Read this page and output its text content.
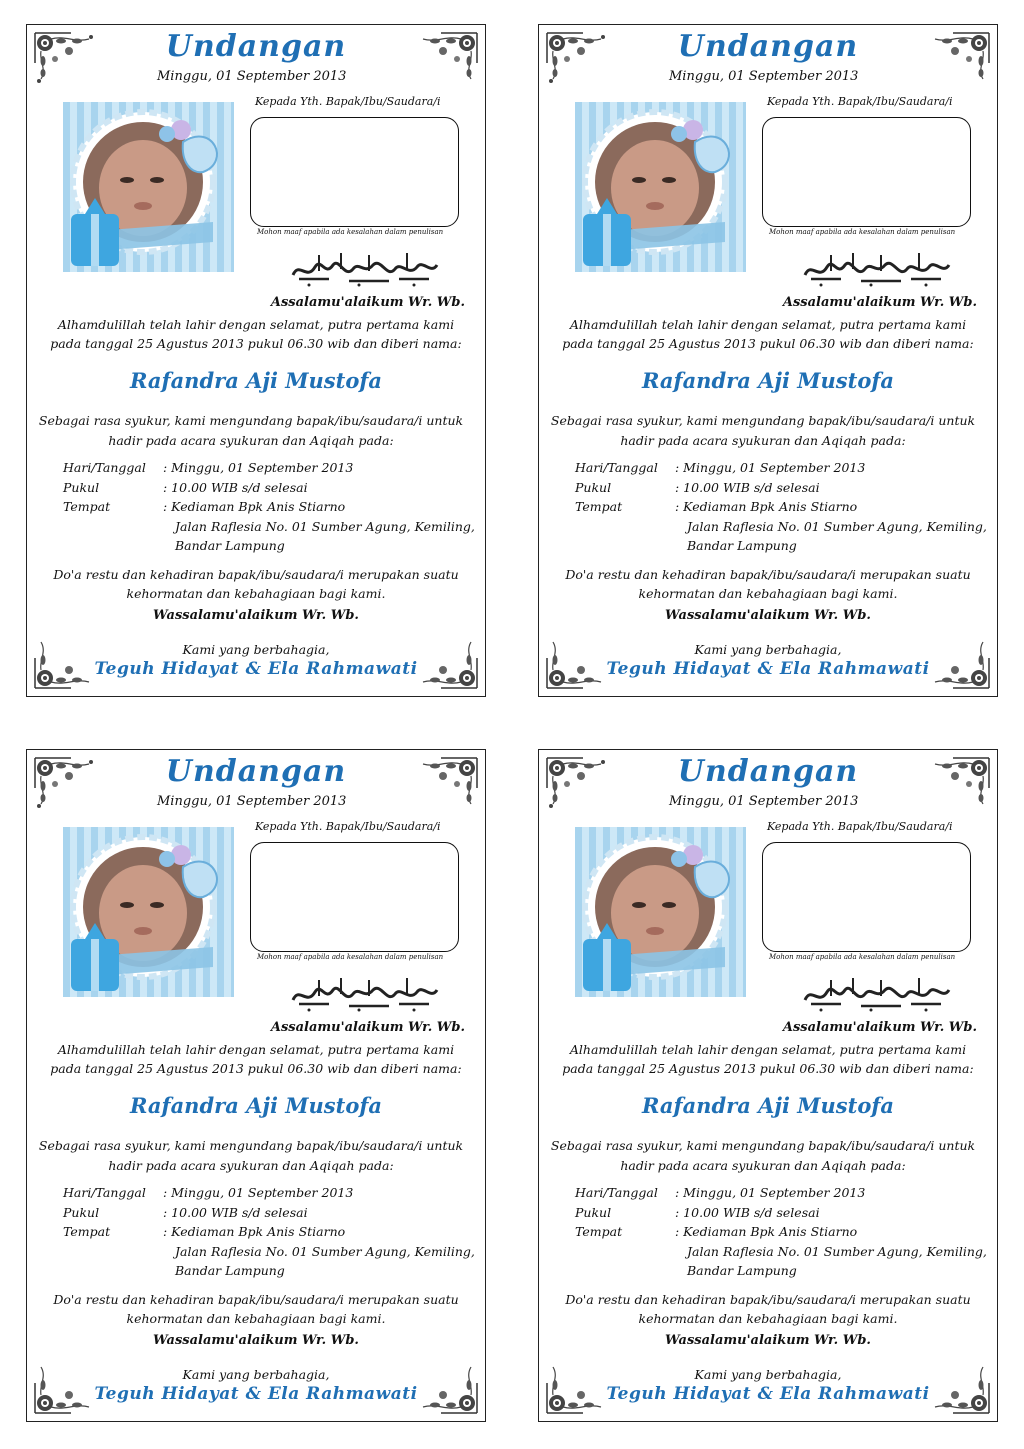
Undangan
Minggu, 01 September 2013
Kepada Yth. Bapak/Ibu/Saudara/i
Mohon maaf apabila ada kesalahan dalam penulisan
Assalamu'alaikum Wr. Wb.
Alhamdulillah telah lahir dengan selamat, putra pertama kami
pada tanggal 25 Agustus 2013 pukul 06.30 wib dan diberi nama:
Rafandra Aji Mustofa
Sebagai rasa syukur, kami mengundang bapak/ibu/saudara/i untuk
hadir pada acara syukuran dan Aqiqah pada:
Hari/Tanggal	: Minggu, 01 September 2013
Pukul	: 10.00 WIB s/d selesai
Tempat	: Kediaman Bpk Anis Stiarno
Jalan Raflesia No. 01 Sumber Agung, Kemiling,
Bandar Lampung
Do'a restu dan kehadiran bapak/ibu/saudara/i merupakan suatu
kehormatan dan kebahagiaan bagi kami.
Wassalamu'alaikum Wr. Wb.
Kami yang berbahagia,
Teguh Hidayat & Ela Rahmawati
Undangan
Minggu, 01 September 2013
Kepada Yth. Bapak/Ibu/Saudara/i
Mohon maaf apabila ada kesalahan dalam penulisan
Assalamu'alaikum Wr. Wb.
Alhamdulillah telah lahir dengan selamat, putra pertama kami
pada tanggal 25 Agustus 2013 pukul 06.30 wib dan diberi nama:
Rafandra Aji Mustofa
Sebagai rasa syukur, kami mengundang bapak/ibu/saudara/i untuk
hadir pada acara syukuran dan Aqiqah pada:
Hari/Tanggal	: Minggu, 01 September 2013
Pukul	: 10.00 WIB s/d selesai
Tempat	: Kediaman Bpk Anis Stiarno
Jalan Raflesia No. 01 Sumber Agung, Kemiling,
Bandar Lampung
Do'a restu dan kehadiran bapak/ibu/saudara/i merupakan suatu
kehormatan dan kebahagiaan bagi kami.
Wassalamu'alaikum Wr. Wb.
Kami yang berbahagia,
Teguh Hidayat & Ela Rahmawati
Undangan
Minggu, 01 September 2013
Kepada Yth. Bapak/Ibu/Saudara/i
Mohon maaf apabila ada kesalahan dalam penulisan
Assalamu'alaikum Wr. Wb.
Alhamdulillah telah lahir dengan selamat, putra pertama kami
pada tanggal 25 Agustus 2013 pukul 06.30 wib dan diberi nama:
Rafandra Aji Mustofa
Sebagai rasa syukur, kami mengundang bapak/ibu/saudara/i untuk
hadir pada acara syukuran dan Aqiqah pada:
Hari/Tanggal	: Minggu, 01 September 2013
Pukul	: 10.00 WIB s/d selesai
Tempat	: Kediaman Bpk Anis Stiarno
Jalan Raflesia No. 01 Sumber Agung, Kemiling,
Bandar Lampung
Do'a restu dan kehadiran bapak/ibu/saudara/i merupakan suatu
kehormatan dan kebahagiaan bagi kami.
Wassalamu'alaikum Wr. Wb.
Kami yang berbahagia,
Teguh Hidayat & Ela Rahmawati
Undangan
Minggu, 01 September 2013
Kepada Yth. Bapak/Ibu/Saudara/i
Mohon maaf apabila ada kesalahan dalam penulisan
Assalamu'alaikum Wr. Wb.
Alhamdulillah telah lahir dengan selamat, putra pertama kami
pada tanggal 25 Agustus 2013 pukul 06.30 wib dan diberi nama:
Rafandra Aji Mustofa
Sebagai rasa syukur, kami mengundang bapak/ibu/saudara/i untuk
hadir pada acara syukuran dan Aqiqah pada:
Hari/Tanggal	: Minggu, 01 September 2013
Pukul	: 10.00 WIB s/d selesai
Tempat	: Kediaman Bpk Anis Stiarno
Jalan Raflesia No. 01 Sumber Agung, Kemiling,
Bandar Lampung
Do'a restu dan kehadiran bapak/ibu/saudara/i merupakan suatu
kehormatan dan kebahagiaan bagi kami.
Wassalamu'alaikum Wr. Wb.
Kami yang berbahagia,
Teguh Hidayat & Ela Rahmawati
